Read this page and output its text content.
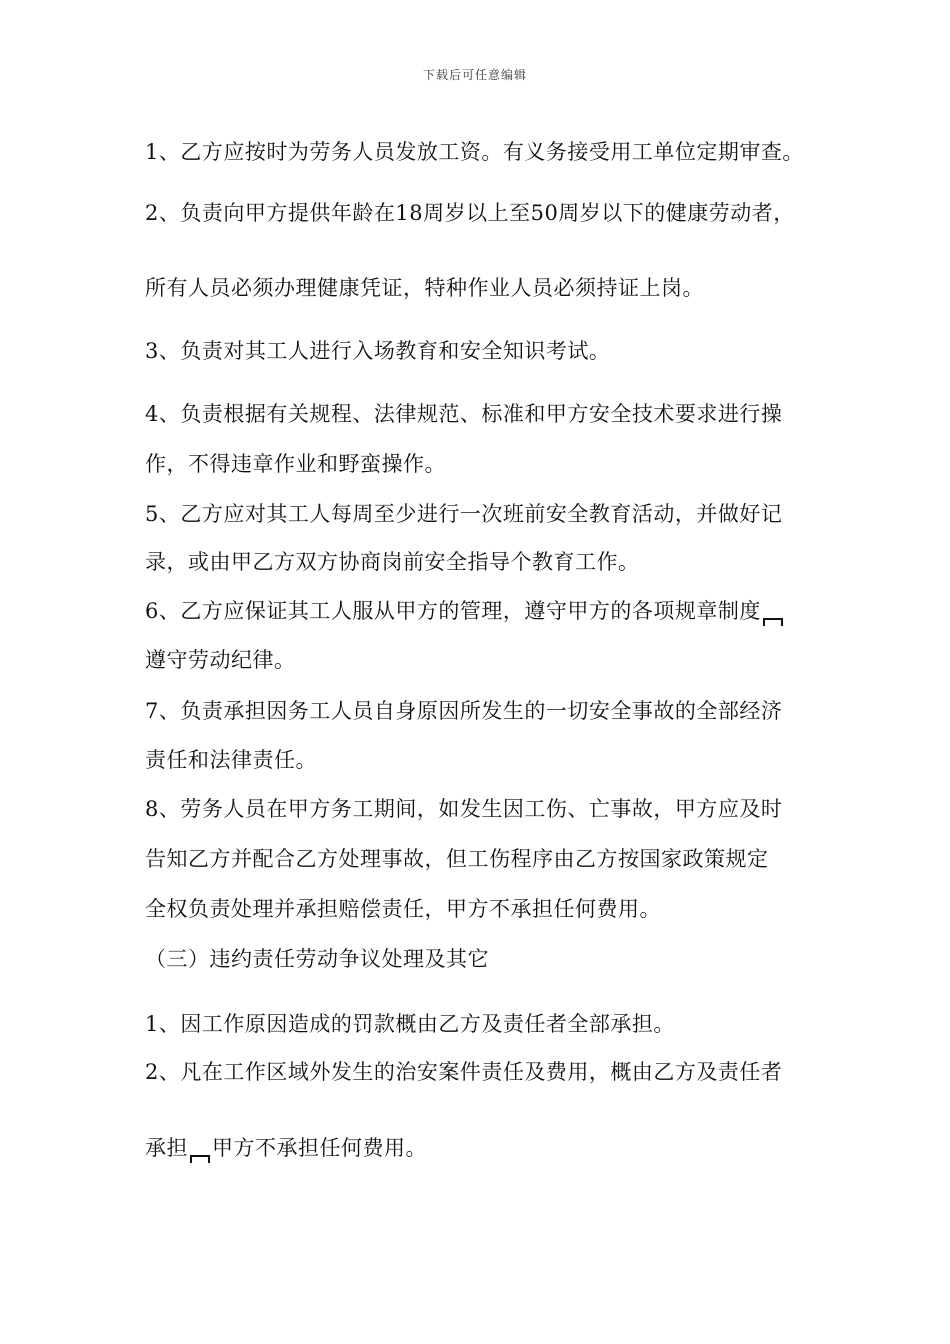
下载后可任意编辑
1、乙方应按时为劳务人员发放工资。有义务接受用工单位定期审查。
2、负责向甲方提供年龄在18周岁以上至50周岁以下的健康劳动者，
所有人员必须办理健康凭证，特种作业人员必须持证上岗。
3、负责对其工人进行入场教育和安全知识考试。
4、负责根据有关规程、法律规范、标准和甲方安全技术要求进行操
作，不得违章作业和野蛮操作。
5、乙方应对其工人每周至少进行一次班前安全教育活动，并做好记
录，或由甲乙方双方协商岗前安全指导个教育工作。
6、乙方应保证其工人服从甲方的管理，遵守甲方的各项规章制度
遵守劳动纪律。
7、负责承担因务工人员自身原因所发生的一切安全事故的全部经济
责任和法律责任。
8、劳务人员在甲方务工期间，如发生因工伤、亡事故，甲方应及时
告知乙方并配合乙方处理事故，但工伤程序由乙方按国家政策规定
全权负责处理并承担赔偿责任，甲方不承担任何费用。
（三）违约责任劳动争议处理及其它
1、因工作原因造成的罚款概由乙方及责任者全部承担。
2、凡在工作区域外发生的治安案件责任及费用，概由乙方及责任者
承担 甲方不承担任何费用。
